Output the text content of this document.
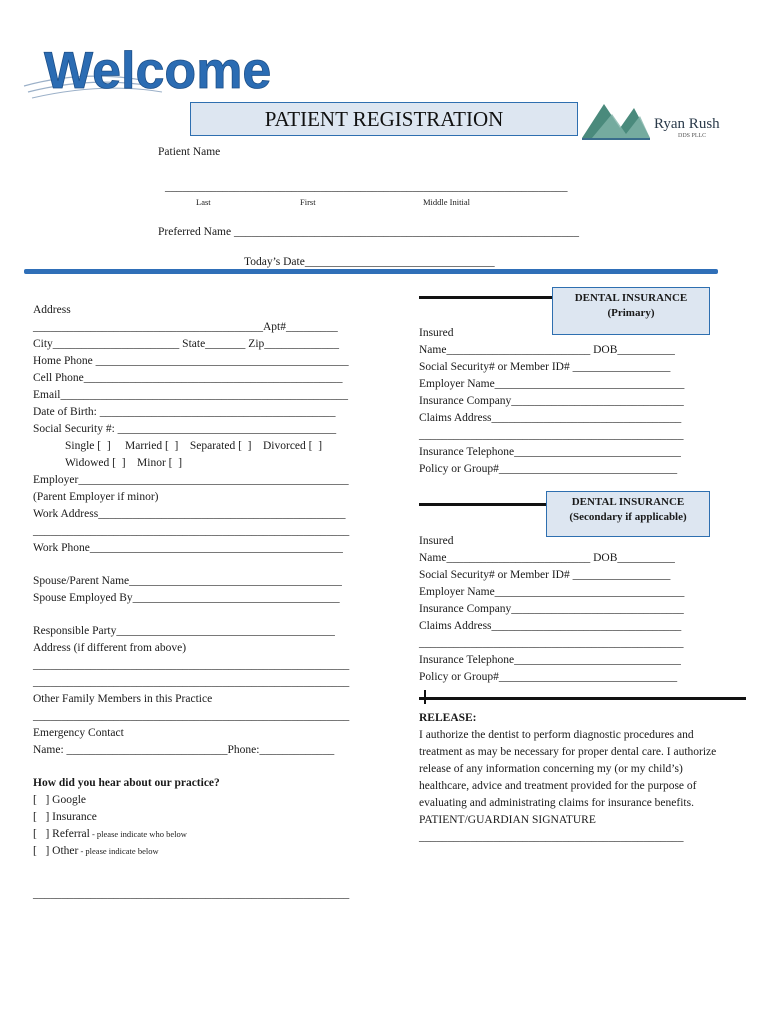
Welcome
PATIENT REGISTRATION	Ryan Rush
DDS PLLC
Patient Name
______________________________________________________________________
Last	First	Middle Initial
Preferred Name ____________________________________________________________
Today’s Date_________________________________
Address
________________________________________Apt#_________
City______________________ State_______ Zip_____________
Home Phone ____________________________________________
Cell Phone_____________________________________________
Email__________________________________________________
Date of Birth: _________________________________________
Social Security #: ______________________________________
Single [  ]     Married [  ]    Separated [  ]    Divorced [  ]
Widowed [  ]    Minor [  ]
Employer_______________________________________________
(Parent Employer if minor)
Work Address___________________________________________
_______________________________________________________
Work Phone____________________________________________
Spouse/Parent Name_____________________________________
Spouse Employed By____________________________________
Responsible Party______________________________________
Address (if different from above)
_______________________________________________________
_______________________________________________________
Other Family Members in this Practice
_______________________________________________________
Emergency Contact
Name: ____________________________Phone:_____________
How did you hear about our practice?
[   ] Google
[   ] Insurance
[   ] Referral - please indicate who below
[   ] Other - please indicate below
_______________________________________________________
DENTAL INSURANCE
(Primary)
Insured
Name_________________________ DOB__________
Social Security# or Member ID# _________________
Employer Name_________________________________
Insurance Company______________________________
Claims Address_________________________________
______________________________________________
Insurance Telephone_____________________________
Policy or Group#_______________________________
DENTAL INSURANCE
(Secondary if applicable)
Insured
Name_________________________ DOB__________
Social Security# or Member ID# _________________
Employer Name_________________________________
Insurance Company______________________________
Claims Address_________________________________
______________________________________________
Insurance Telephone_____________________________
Policy or Group#_______________________________
RELEASE:
I authorize the dentist to perform diagnostic procedures and
treatment as may be necessary for proper dental care. I authorize
release of any information concerning my (or my child’s)
healthcare, advice and treatment provided for the purpose of
evaluating and administrating claims for insurance benefits.
PATIENT/GUARDIAN SIGNATURE
______________________________________________
